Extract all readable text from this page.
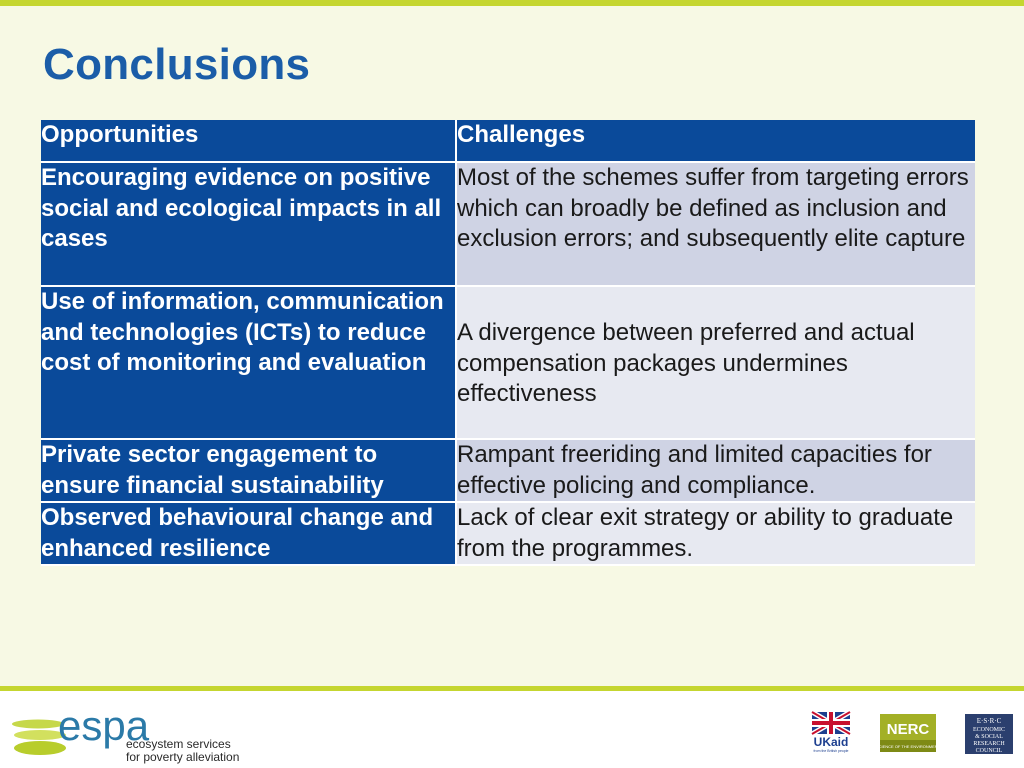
Conclusions
Opportunities	Challenges
Encouraging evidence on positive social and ecological impacts in all cases	Most of the schemes suffer from targeting errors which can broadly be defined as inclusion and exclusion errors; and subsequently elite capture
Use of information, communication and technologies (ICTs) to reduce cost of monitoring and evaluation	A divergence between preferred and actual compensation packages undermines effectiveness

Private sector engagement to ensure financial sustainability	Rampant freeriding and limited capacities for effective policing and compliance.
Observed behavioural change and enhanced resilience	Lack of clear exit strategy or ability to graduate from the programmes.
espa
ecosystem services
for poverty alleviation
UKaid
from the British people
NERC
SCIENCE OF THE ENVIRONMENT
E·S·R·C
ECONOMIC
& SOCIAL
RESEARCH
COUNCIL
